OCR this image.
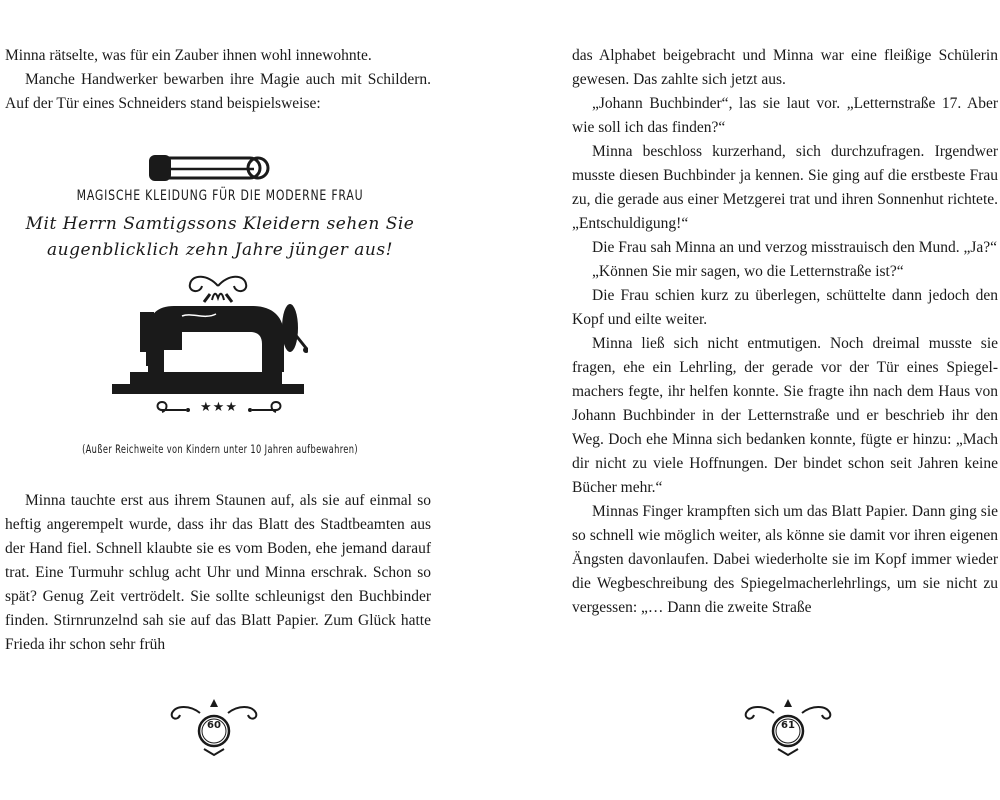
Minna rätselte, was für ein Zauber ihnen wohl innewohnte.

Manche Handwerker bewarben ihre Magie auch mit Schildern. Auf der Tür eines Schneiders stand beispielsweise:

MAGISCHE KLEIDUNG FÜR DIE MODERNE FRAU
Mit Herrn Samtigssons Kleidern sehen Sie
augenblicklich zehn Jahre jünger aus!
★★★
(Außer Reichweite von Kindern unter 10 Jahren aufbewahren)

Minna tauchte erst aus ihrem Staunen auf, als sie auf einmal so heftig angerempelt wurde, dass ihr das Blatt des Stadtbeamten aus der Hand fiel. Schnell klaubte sie es vom Boden, ehe jemand darauf trat. Eine Turmuhr schlug acht Uhr und Minna erschrak. Schon so spät? Genug Zeit vertrödelt. Sie sollte schleunigst den Buchbinder finden. Stirnrunzelnd sah sie auf das Blatt Papier. Zum Glück hatte Frieda ihr schon sehr früh

60

das Alphabet beigebracht und Minna war eine fleißige Schülerin gewesen. Das zahlte sich jetzt aus.

„Johann Buchbinder“, las sie laut vor. „Letternstraße 17. Aber wie soll ich das finden?“

Minna beschloss kurzerhand, sich durchzufragen. Irgendwer musste diesen Buchbinder ja kennen. Sie ging auf die erstbeste Frau zu, die gerade aus einer Metzgerei trat und ihren Sonnenhut richtete. „Entschuldigung!“

Die Frau sah Minna an und verzog misstrauisch den Mund. „Ja?“

„Können Sie mir sagen, wo die Letternstraße ist?“

Die Frau schien kurz zu überlegen, schüttelte dann jedoch den Kopf und eilte weiter.

Minna ließ sich nicht entmutigen. Noch dreimal musste sie fragen, ehe ein Lehrling, der gerade vor der Tür eines Spiegelmachers fegte, ihr helfen konnte. Sie fragte ihn nach dem Haus von Johann Buchbinder in der Letternstraße und er beschrieb ihr den Weg. Doch ehe Minna sich bedanken konnte, fügte er hinzu: „Mach dir nicht zu viele Hoffnungen. Der bindet schon seit Jahren keine Bücher mehr.“

Minnas Finger krampften sich um das Blatt Papier. Dann ging sie so schnell wie möglich weiter, als könne sie damit vor ihren eigenen Ängsten davonlaufen. Dabei wiederholte sie im Kopf immer wieder die Wegbeschreibung des Spiegelmacherlehrlings, um sie nicht zu vergessen: „… Dann die zweite Straße

61
